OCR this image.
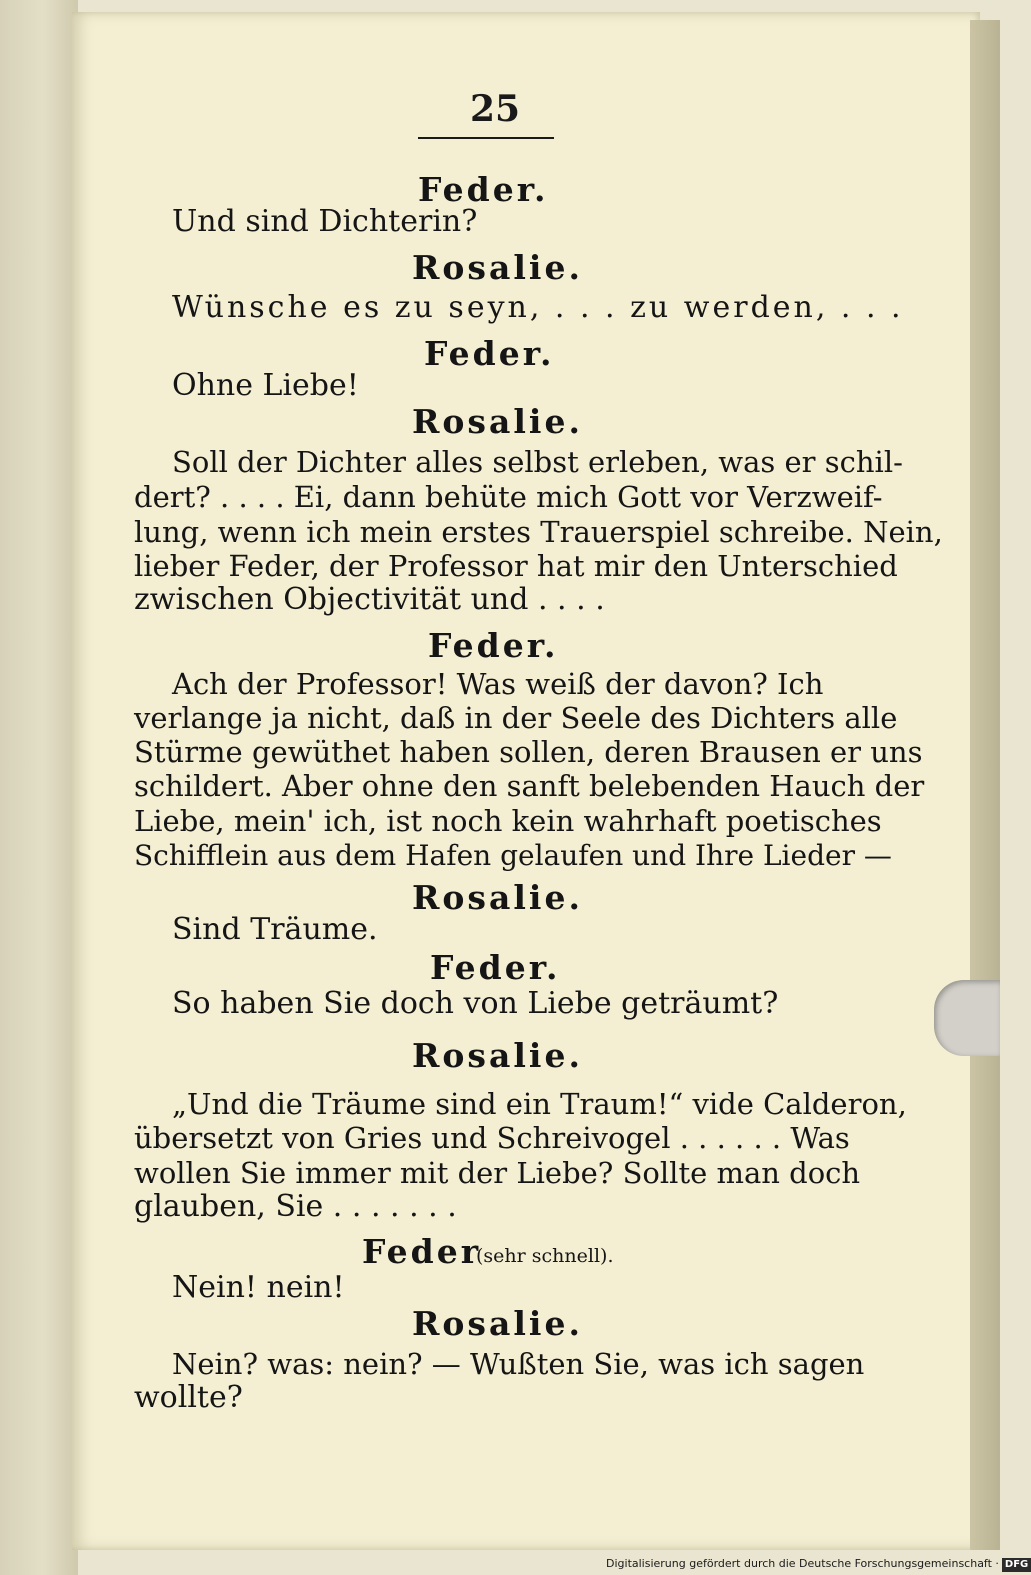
25
Feder.
Und sind Dichterin?
Rosalie.
Wünsche es zu seyn, . . . zu werden, . . .
Feder.
Ohne Liebe!
Rosalie.
Soll der Dichter alles selbst erleben, was er schil-
dert? . . . . Ei, dann behüte mich Gott vor Verzweif-
lung, wenn ich mein erstes Trauerspiel schreibe. Nein,
lieber Feder, der Professor hat mir den Unterschied
zwischen Objectivität und . . . .
Feder.
Ach der Professor! Was weiß der davon? Ich
verlange ja nicht, daß in der Seele des Dichters alle
Stürme gewüthet haben sollen, deren Brausen er uns
schildert. Aber ohne den sanft belebenden Hauch der
Liebe, mein' ich, ist noch kein wahrhaft poetisches
Schifflein aus dem Hafen gelaufen und Ihre Lieder —
Rosalie.
Sind Träume.
Feder.
So haben Sie doch von Liebe geträumt?
Rosalie.
„Und die Träume sind ein Traum!“ vide Calderon,
übersetzt von Gries und Schreivogel . . . . . . Was
wollen Sie immer mit der Liebe? Sollte man doch
glauben, Sie . . . . . . .
Feder
(sehr schnell).
Nein! nein!
Rosalie.
Nein? was: nein? — Wußten Sie, was ich sagen
wollte?
Digitalisierung gefördert durch die Deutsche Forschungsgemeinschaft · DFG
